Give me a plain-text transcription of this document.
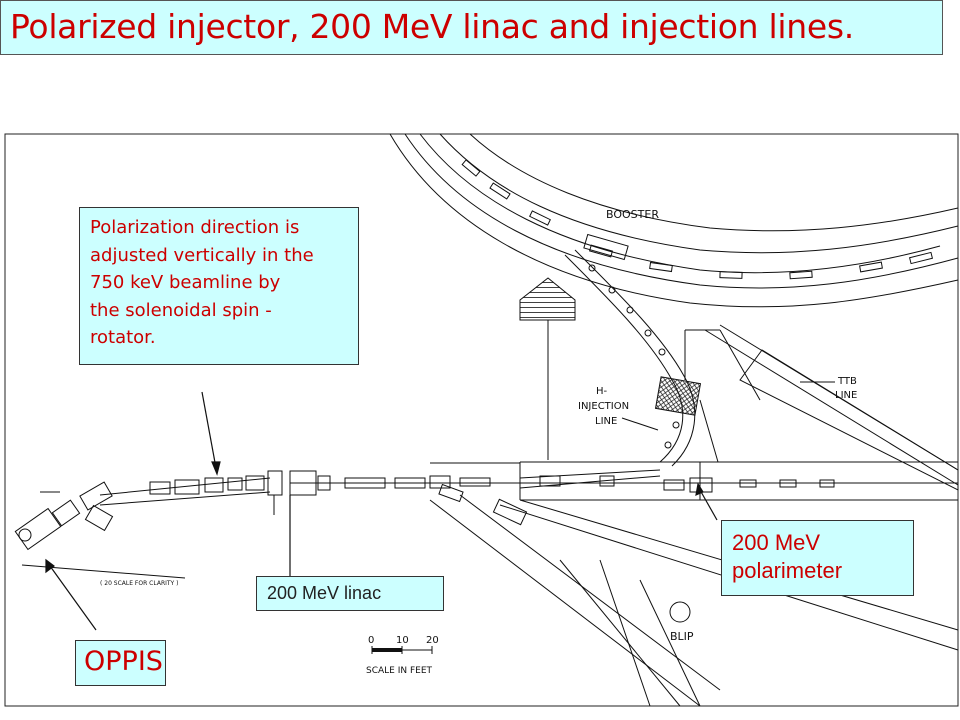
Polarized injector, 200 MeV linac and injection lines.
BOOSTER
H-
INJECTION
LINE
TTB
LINE
BLIP
( 20 SCALE FOR CLARITY )
0 10 20
SCALE IN FEET
Polarization direction is
adjusted vertically in the
750 keV beamline by
the solenoidal spin -
rotator.
200 MeV linac
200 MeV
polarimeter
OPPIS
